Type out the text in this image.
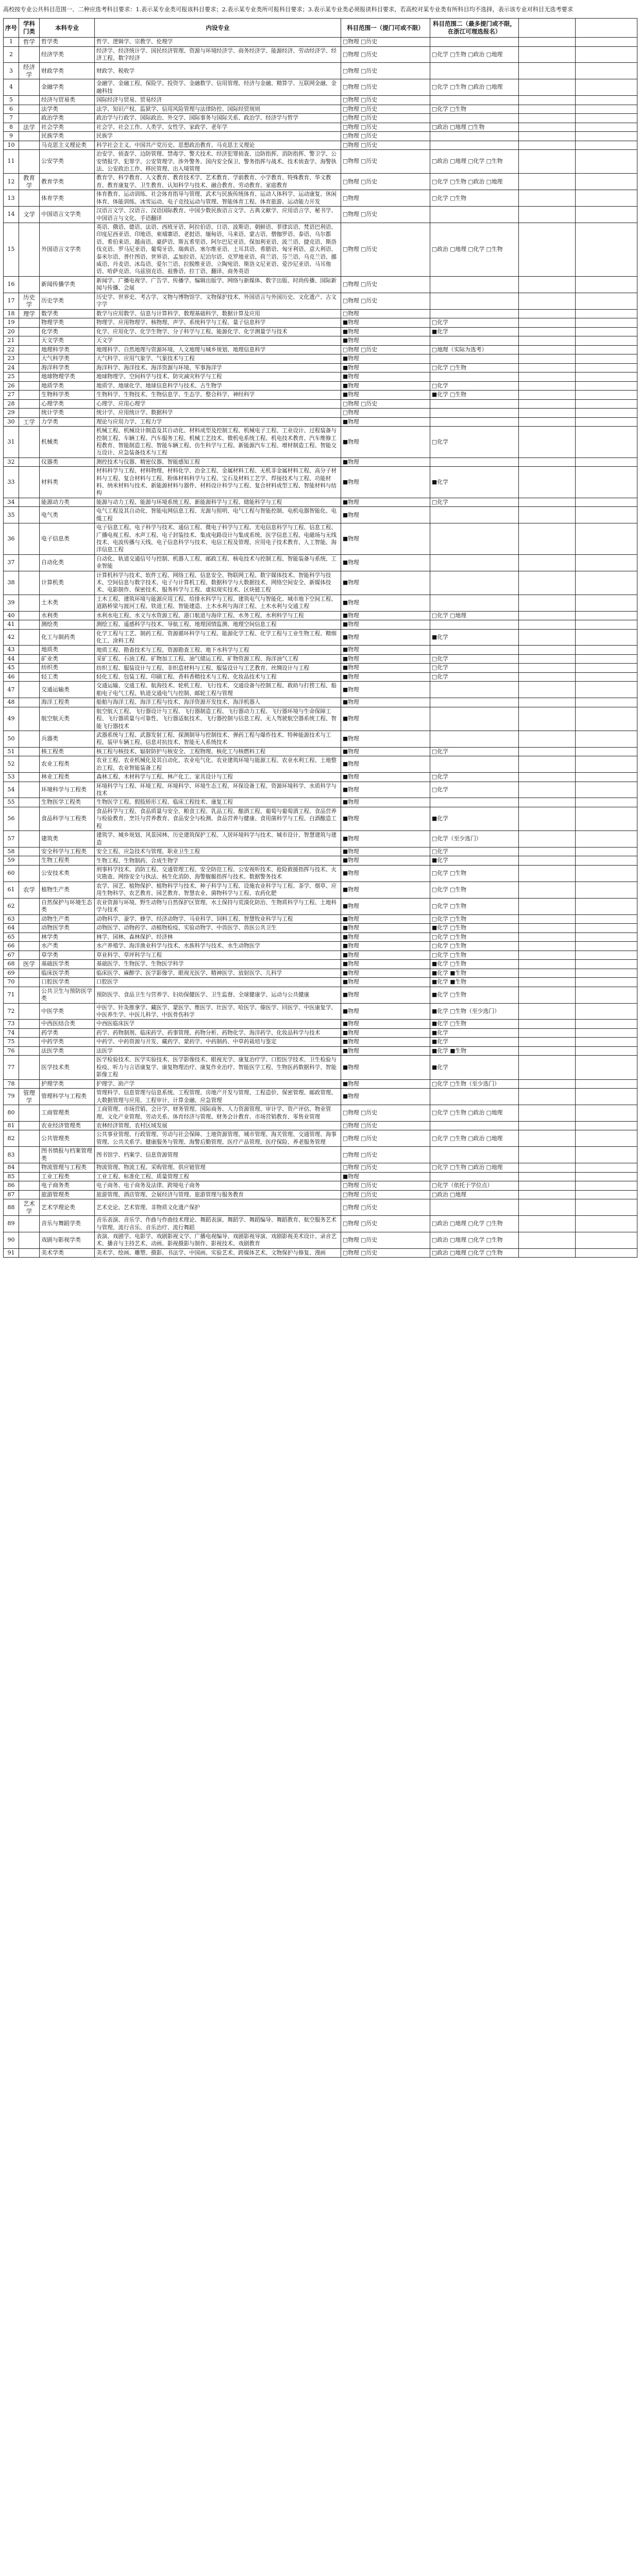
高校按专业公共科目范围一、二种应选考科目要求：1.表示某专业类可报该科目要求；2.表示某专业类所可报科目要求；3.表示某专业类必须报读科目要求，若高校对某专业类有所科目均不选择，表示该专业对科目无选考要求
序号	学科门类	本科专业	内设专业	科目范围一（提门可或不限）	科目范围二（最多提门或不限，在浙江可理选报名）		
1	哲学	哲学类	哲学、逻辑学、宗教学、伦理学	□物理 □历史			
2		经济学类	经济学、经济统计学、国民经济管理、资源与环境经济学、商务经济学、能源经济、劳动经济学、经济工程、数字经济	□物理 □历史	□化学 □生物 □政治 □地理		
3	经济学	财政学类	财政学、税收学	□物理 □历史			
4		金融学类	金融学、金融工程、保险学、投资学、金融数学、信用管理、经济与金融、精算学、互联网金融、金融科技	□物理 □历史	□化学 □生物 □政治 □地理		
5		经济与贸易类	国际经济与贸易、贸易经济	□物理 □历史			
6		法学类	法学、知识产权、监狱学、信用风险管理与法律防控、国际经贸规则	□物理 □历史	□化学 □生物		
7		政治学类	政治学与行政学、国际政治、外交学、国际事务与国际关系、政治学、经济学与哲学	□物理 □历史			
8	法学	社会学类	社会学、社会工作、人类学、女性学、家政学、老年学	□物理 □历史	□政治 □地理 □生物		
9		民族学类	民族学	□物理 □历史			
10		马克思主义理论类	科学社会主义、中国共产党历史、思想政治教育、马克思主义理论	□物理 □历史			
11		公安学类	治安学、侦查学、边防管理、禁毒学、警犬技术、经济犯罪侦查、边防指挥、消防指挥、警卫学、公安情报学、犯罪学、公安管理学、涉外警务、国内安全保卫、警务指挥与战术、技术侦查学、海警执法、公安政治工作、移民管理、出入境管理	□物理 □历史	□政治 □地理 □化学 □生物		
12	教育学	教育学类	教育学、科学教育、人文教育、教育技术学、艺术教育、学前教育、小学教育、特殊教育、华文教育、教育康复学、卫生教育、认知科学与技术、融合教育、劳动教育、家庭教育	□物理 □历史	□化学 □生物 □政治 □地理		
13		体育学类	体育教育、运动训练、社会体育指导与管理、武术与民族传统体育、运动人体科学、运动康复、休闲体育、体能训练、冰雪运动、电子竞技运动与管理、智能体育工程、体育旅游、运动能力开发	□物理	□化学 □生物		
14	文学	中国语言文学类	汉语言文学、汉语言、汉语国际教育、中国少数民族语言文学、古典文献学、应用语言学、秘书学、中国语言与文化、手语翻译	□物理 □历史			
15		外国语言文学类	英语、俄语、德语、法语、西班牙语、阿拉伯语、日语、波斯语、朝鲜语、菲律宾语、梵语巴利语、印度尼西亚语、印地语、柬埔寨语、老挝语、缅甸语、马来语、蒙古语、僧伽罗语、泰语、乌尔都语、希伯来语、越南语、豪萨语、斯瓦希里语、阿尔巴尼亚语、保加利亚语、波兰语、捷克语、斯洛伐克语、罗马尼亚语、葡萄牙语、瑞典语、塞尔维亚语、土耳其语、希腊语、匈牙利语、意大利语、泰米尔语、普什图语、世界语、孟加拉语、尼泊尔语、克罗地亚语、荷兰语、芬兰语、乌克兰语、挪威语、丹麦语、冰岛语、爱尔兰语、拉脱维亚语、立陶宛语、斯洛文尼亚语、爱沙尼亚语、马耳他语、哈萨克语、乌兹别克语、祖鲁语、拉丁语、翻译、商务英语	□物理 □历史	□政治 □地理 □化学 □生物		
16		新闻传播学类	新闻学、广播电视学、广告学、传播学、编辑出版学、网络与新媒体、数字出版、时尚传播、国际新闻与传播、会展	□物理 □历史			
17	历史学	历史学类	历史学、世界史、考古学、文物与博物馆学、文物保护技术、外国语言与外国历史、文化遗产、古文字学	□物理 □历史			
18	理学	数学类	数学与应用数学、信息与计算科学、数理基础科学、数据计算及应用	□物理			
19		物理学类	物理学、应用物理学、核物理、声学、系统科学与工程、量子信息科学	■物理	□化学		
20		化学类	化学、应用化学、化学生物学、分子科学与工程、能源化学、化学测量学与技术	■物理	■化学		
21		天文学类	天文学	■物理			
22		地理科学类	地理科学、自然地理与资源环境、人文地理与城乡规划、地理信息科学	□物理 □历史	□地理（实际为选考）		
23		大气科学类	大气科学、应用气象学、气象技术与工程	■物理			
24		海洋科学类	海洋科学、海洋技术、海洋资源与环境、军事海洋学	■物理	□化学 □生物		
25		地球物理学类	地球物理学、空间科学与技术、防灾减灾科学与工程	■物理			
26		地质学类	地质学、地球化学、地球信息科学与技术、古生物学	■物理	□化学		
27		生物科学类	生物科学、生物技术、生物信息学、生态学、整合科学、神经科学	■物理	■化学 □生物		
28		心理学类	心理学、应用心理学	□物理 □历史			
29		统计学类	统计学、应用统计学、数据科学	□物理			
30	工学	力学类	理论与应用力学、工程力学	■物理			
31		机械类	机械工程、机械设计制造及其自动化、材料成型及控制工程、机械电子工程、工业设计、过程装备与控制工程、车辆工程、汽车服务工程、机械工艺技术、微机电系统工程、机电技术教育、汽车维修工程教育、智能制造工程、智能车辆工程、仿生科学与工程、新能源汽车工程、增材制造工程、智能交互设计、应急装备技术与工程	■物理	□化学		
32		仪器类	测控技术与仪器、精密仪器、智能感知工程	■物理			
33		材料类	材料科学与工程、材料物理、材料化学、冶金工程、金属材料工程、无机非金属材料工程、高分子材料与工程、复合材料与工程、粉体材料科学与工程、宝石及材料工艺学、焊接技术与工程、功能材料、纳米材料与技术、新能源材料与器件、材料设计科学与工程、复合材料成型工程、智能材料与结构	■物理	■化学		
34		能源动力类	能源与动力工程、能源与环境系统工程、新能源科学与工程、储能科学与工程	■物理	□化学		
35		电气类	电气工程及其自动化、智能电网信息工程、光源与照明、电气工程与智能控制、电机电器智能化、电缆工程	■物理			
36		电子信息类	电子信息工程、电子科学与技术、通信工程、微电子科学与工程、光电信息科学与工程、信息工程、广播电视工程、水声工程、电子封装技术、集成电路设计与集成系统、医学信息工程、电磁场与无线技术、电波传播与天线、电子信息科学与技术、电信工程及管理、应用电子技术教育、人工智能、海洋信息工程	■物理			
37		自动化类	自动化、轨道交通信号与控制、机器人工程、邮政工程、核电技术与控制工程、智能装备与系统、工业智能	■物理			
38		计算机类	计算机科学与技术、软件工程、网络工程、信息安全、物联网工程、数字媒体技术、智能科学与技术、空间信息与数字技术、电子与计算机工程、数据科学与大数据技术、网络空间安全、新媒体技术、电影制作、保密技术、服务科学与工程、虚拟现实技术、区块链工程	■物理			
39		土木类	土木工程、建筑环境与能源应用工程、给排水科学与工程、建筑电气与智能化、城市地下空间工程、道路桥梁与渡河工程、铁道工程、智能建造、土木水利与海洋工程、土木水利与交通工程	■物理			
40		水利类	水利水电工程、水文与水资源工程、港口航道与海岸工程、水务工程、水利科学与工程	■物理	□化学 □地理		
41		测绘类	测绘工程、遥感科学与技术、导航工程、地理国情监测、地理空间信息工程	■物理			
42		化工与制药类	化学工程与工艺、制药工程、资源循环科学与工程、能源化学工程、化学工程与工业生物工程、精细化工、涂料工程	■物理	■化学		
43		地质类	地质工程、勘查技术与工程、资源勘查工程、地下水科学与工程	■物理			
44		矿业类	采矿工程、石油工程、矿物加工工程、油气储运工程、矿物资源工程、海洋油气工程	■物理	□化学		
45		纺织类	纺织工程、服装设计与工程、非织造材料与工程、服装设计与工艺教育、丝绸设计与工程	■物理	□化学		
46		轻工类	轻化工程、包装工程、印刷工程、香料香精技术与工程、化妆品技术与工程	■物理	□化学		
47		交通运输类	交通运输、交通工程、航海技术、轮机工程、飞行技术、交通设备与控制工程、救助与打捞工程、船舶电子电气工程、轨道交通电气与控制、邮轮工程与管理	■物理			
48		海洋工程类	船舶与海洋工程、海洋工程与技术、海洋资源开发技术、海洋机器人	■物理			
49		航空航天类	航空航天工程、飞行器设计与工程、飞行器制造工程、飞行器动力工程、飞行器环境与生命保障工程、飞行器质量与可靠性、飞行器适航技术、飞行器控制与信息工程、无人驾驶航空器系统工程、智能飞行器技术	■物理			
50		兵器类	武器系统与工程、武器发射工程、探测制导与控制技术、弹药工程与爆炸技术、特种能源技术与工程、装甲车辆工程、信息对抗技术、智能无人系统技术	■物理			
51		核工程类	核工程与核技术、辐射防护与核安全、工程物理、核化工与核燃料工程	■物理	□化学		
52		农业工程类	农业工程、农业机械化及其自动化、农业电气化、农业建筑环境与能源工程、农业水利工程、土地整治工程、农业智能装备工程	■物理			
53		林业工程类	森林工程、木材科学与工程、林产化工、家具设计与工程	■物理	□化学		
54		环境科学与工程类	环境科学与工程、环境工程、环境科学、环境生态工程、环保设备工程、资源环境科学、水质科学与技术	■物理	□化学		
55		生物医学工程类	生物医学工程、假肢矫形工程、临床工程技术、康复工程	■物理			
56		食品科学与工程类	食品科学与工程、食品质量与安全、粮食工程、乳品工程、酿酒工程、葡萄与葡萄酒工程、食品营养与检验教育、烹饪与营养教育、食品安全与检测、食品营养与健康、食用菌科学与工程、白酒酿造工程	■物理	■化学		
57		建筑类	建筑学、城乡规划、风景园林、历史建筑保护工程、人居环境科学与技术、城市设计、智慧建筑与建造	■物理	□化学（至少选门）		
58		安全科学与工程类	安全工程、应急技术与管理、职业卫生工程	■物理	□化学		
59		生物工程类	生物工程、生物制药、合成生物学	■物理	■化学		
60		公安技术类	刑事科学技术、消防工程、交通管理工程、安全防范工程、公安视听技术、抢险救援指挥与技术、火灾勘查、网络安全与执法、核生化消防、海警舰艇指挥与技术、数据警务技术	■物理	□化学 □生物		
61	农学	植物生产类	农学、园艺、植物保护、植物科学与技术、种子科学与工程、设施农业科学与工程、茶学、烟草、应用生物科学、农艺教育、园艺教育、智慧农业、菌物科学与工程、农药化肥	■物理	□化学 □生物		
62		自然保护与环境生态类	农业资源与环境、野生动物与自然保护区管理、水土保持与荒漠化防治、生物质科学与工程、土地科学与技术	■物理	□化学 □生物		
63		动物生产类	动物科学、蚕学、蜂学、经济动物学、马业科学、饲料工程、智慧牧业科学与工程	■物理	□化学 □生物		
64		动物医学类	动物医学、动物药学、动植物检疫、实验动物学、中兽医学、兽医公共卫生	■物理	■化学 □生物		
65		林学类	林学、园林、森林保护、经济林	■物理	□化学 □生物		
66		水产类	水产养殖学、海洋渔业科学与技术、水族科学与技术、水生动物医学	■物理	□化学 □生物		
67		草学类	草业科学、草坪科学与工程	■物理	□化学 □生物		
68	医学	基础医学类	基础医学、生物医学、生物医学科学	■物理	■化学 □生物		
69		临床医学类	临床医学、麻醉学、医学影像学、眼视光医学、精神医学、放射医学、儿科学	■物理	■化学 ■生物		
70		口腔医学类	口腔医学	■物理	■化学 ■生物		
71		公共卫生与预防医学类	预防医学、食品卫生与营养学、妇幼保健医学、卫生监督、全球健康学、运动与公共健康	■物理	■化学 □生物		
72		中医学类	中医学、针灸推拿学、藏医学、蒙医学、维医学、壮医学、哈医学、傣医学、回医学、中医康复学、中医养生学、中医儿科学、中医骨伤科学	■物理	■化学 □生物（至少选门）		
73		中西医结合类	中西医临床医学	■物理	■化学 □生物		
74		药学类	药学、药物制剂、临床药学、药事管理、药物分析、药物化学、海洋药学、化妆品科学与技术	■物理	■化学		
75		中药学类	中药学、中药资源与开发、藏药学、蒙药学、中药制药、中草药栽培与鉴定	■物理	■化学		
76		法医学类	法医学	■物理	■化学 ■生物		
77		医学技术类	医学检验技术、医学实验技术、医学影像技术、眼视光学、康复治疗学、口腔医学技术、卫生检验与检疫、听力与言语康复学、康复物理治疗、康复作业治疗、智能医学工程、生物医药数据科学、智能影像工程	■物理	■化学		
78		护理学类	护理学、助产学	■物理	□化学 □生物（至少选门）		
79	管理学	管理科学与工程类	管理科学、信息管理与信息系统、工程管理、房地产开发与管理、工程造价、保密管理、邮政管理、大数据管理与应用、工程审计、计算金融、应急管理	■物理			
80		工商管理类	工商管理、市场营销、会计学、财务管理、国际商务、人力资源管理、审计学、资产评估、物业管理、文化产业管理、劳动关系、体育经济与管理、财务会计教育、市场营销教育、零售业管理	□物理 □历史	□化学 □生物 □政治 □地理		
81		农业经济管理类	农林经济管理、农村区域发展	□物理 □历史			
82		公共管理类	公共事业管理、行政管理、劳动与社会保障、土地资源管理、城市管理、海关管理、交通管理、海事管理、公共关系学、健康服务与管理、海警后勤管理、医疗产品管理、医疗保险、养老服务管理	□物理 □历史	□化学 □生物 □政治 □地理		
83		图书情报与档案管理类	图书馆学、档案学、信息资源管理	□物理 □历史			
84		物流管理与工程类	物流管理、物流工程、采购管理、供应链管理	□物理 □历史	□化学 □生物 □政治 □地理		
85		工业工程类	工业工程、标准化工程、质量管理工程	■物理			
86		电子商务类	电子商务、电子商务及法律、跨境电子商务	□物理 □历史	□化学（依托于学位点）		
87		旅游管理类	旅游管理、酒店管理、会展经济与管理、旅游管理与服务教育	□物理 □历史	□政治 □地理		
88	艺术学	艺术学理论类	艺术史论、艺术管理、非物质文化遗产保护	□物理 □历史			
89		音乐与舞蹈学类	音乐表演、音乐学、作曲与作曲技术理论、舞蹈表演、舞蹈学、舞蹈编导、舞蹈教育、航空服务艺术与管理、流行音乐、音乐治疗、流行舞蹈	□物理 □历史	□政治 □地理 □化学 □生物		
90		戏剧与影视学类	表演、戏剧学、电影学、戏剧影视文学、广播电视编导、戏剧影视导演、戏剧影视美术设计、录音艺术、播音与主持艺术、动画、影视摄影与制作、影视技术、戏剧教育	□物理 □历史	□政治 □地理 □化学 □生物		
91		美术学类	美术学、绘画、雕塑、摄影、书法学、中国画、实验艺术、跨媒体艺术、文物保护与修复、漫画	□物理 □历史	□政治 □地理 □化学 □生物		
